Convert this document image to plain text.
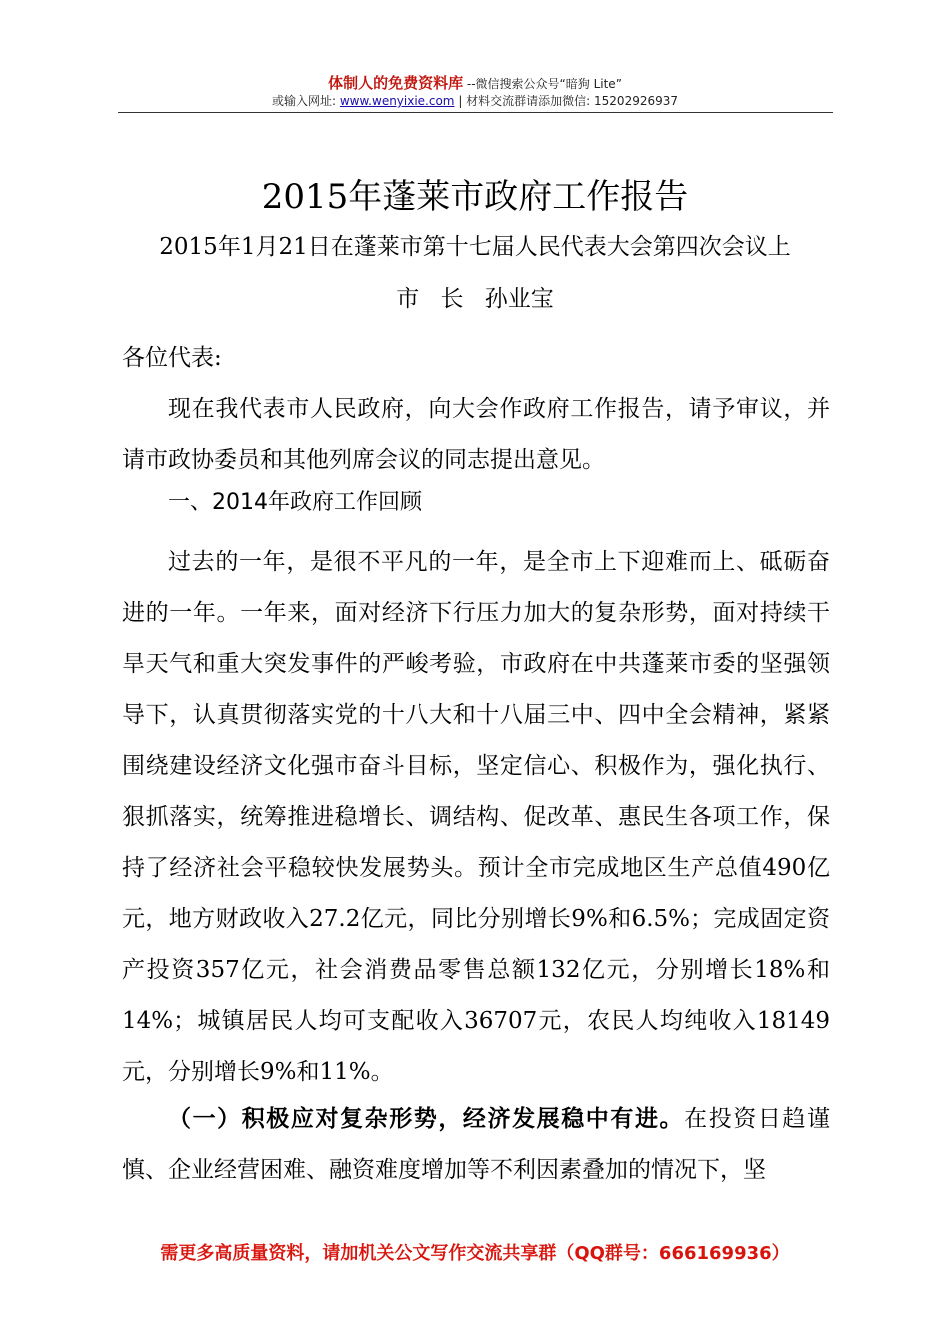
体制人的免费资料库 --微信搜索公众号“暗狗 Lite”
或输入网址: www.wenyixie.com | 材料交流群请添加微信: 15202926937
2015年蓬莱市政府工作报告
2015年1月21日在蓬莱市第十七届人民代表大会第四次会议上
市 长 孙业宝
各位代表:
现在我代表市人民政府，向大会作政府工作报告，请予审议，并请市政协委员和其他列席会议的同志提出意见。
一、2014年政府工作回顾
过去的一年，是很不平凡的一年，是全市上下迎难而上、砥砺奋进的一年。一年来，面对经济下行压力加大的复杂形势，面对持续干旱天气和重大突发事件的严峻考验，市政府在中共蓬莱市委的坚强领导下，认真贯彻落实党的十八大和十八届三中、四中全会精神，紧紧围绕建设经济文化强市奋斗目标，坚定信心、积极作为，强化执行、狠抓落实，统筹推进稳增长、调结构、促改革、惠民生各项工作，保持了经济社会平稳较快发展势头。预计全市完成地区生产总值490亿元，地方财政收入27.2亿元，同比分别增长9%和6.5%；完成固定资产投资357亿元，社会消费品零售总额132亿元，分别增长18%和14%；城镇居民人均可支配收入36707元，农民人均纯收入18149元，分别增长9%和11%。
（一）积极应对复杂形势，经济发展稳中有进。在投资日趋谨慎、企业经营困难、融资难度增加等不利因素叠加的情况下，坚
需更多高质量资料，请加机关公文写作交流共享群（QQ群号：666169936）
